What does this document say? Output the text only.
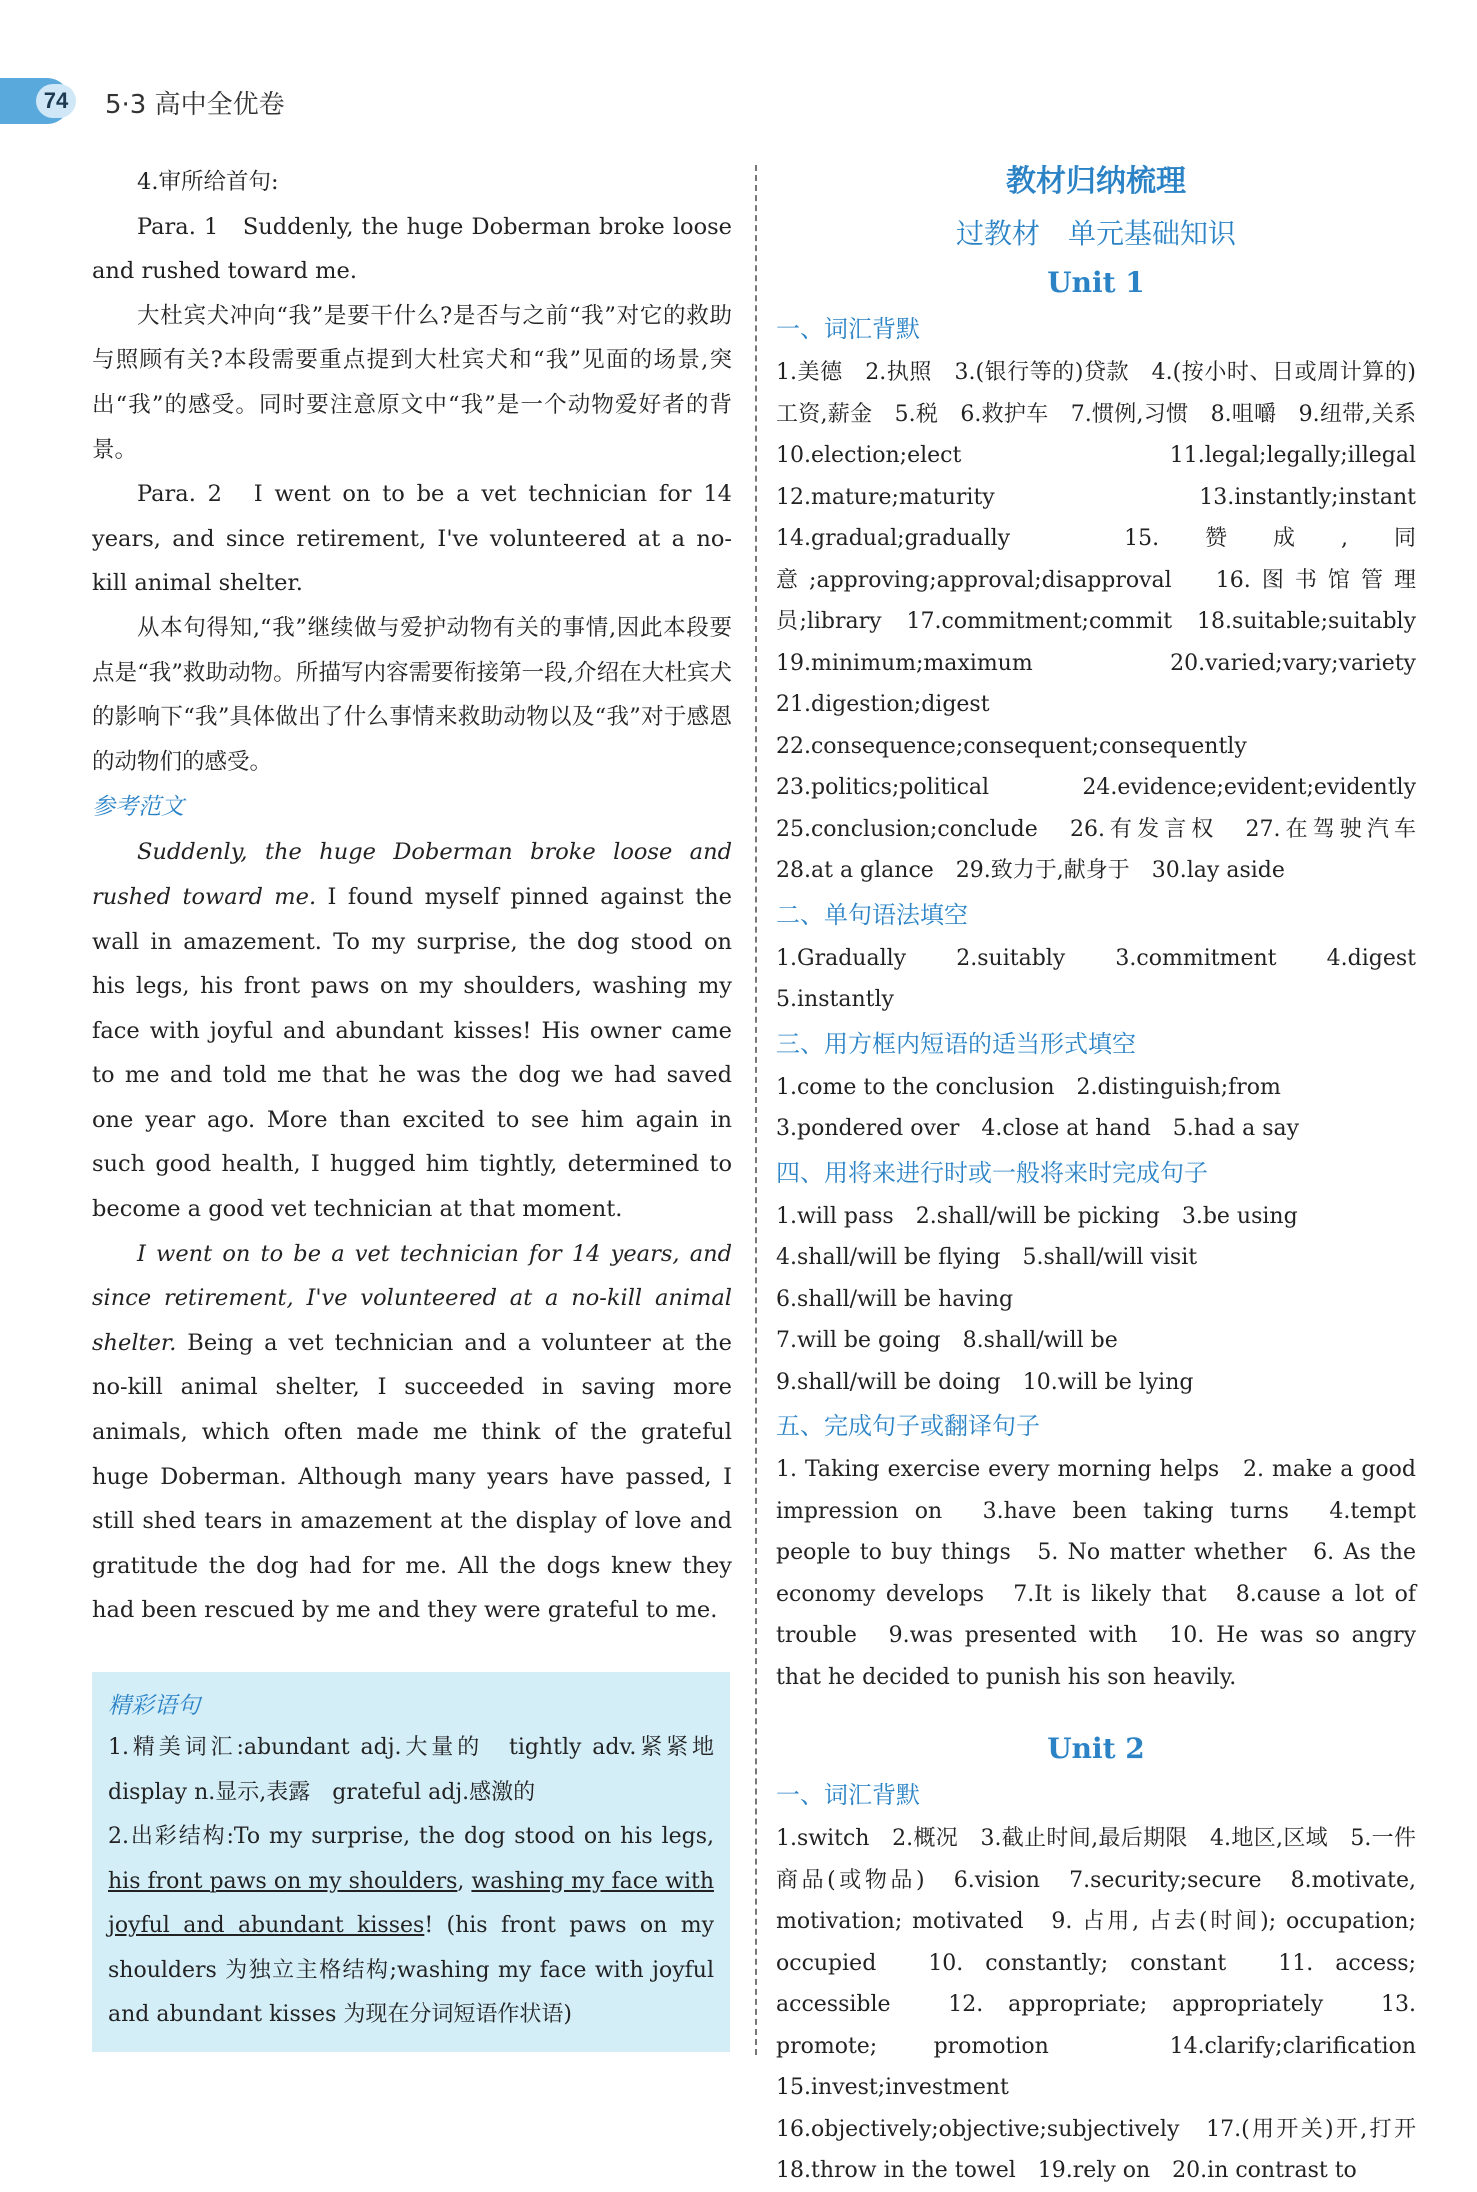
74 5·3 高中全优卷

4.审所给首句:

Para. 1　Suddenly, the huge Doberman broke loose and rushed toward me.

大杜宾犬冲向“我”是要干什么?是否与之前“我”对它的救助与照顾有关?本段需要重点提到大杜宾犬和“我”见面的场景,突出“我”的感受。同时要注意原文中“我”是一个动物爱好者的背景。

Para. 2　I went on to be a vet technician for 14 years, and since retirement, I've volunteered at a no-kill animal shelter.

从本句得知,“我”继续做与爱护动物有关的事情,因此本段要点是“我”救助动物。所描写内容需要衔接第一段,介绍在大杜宾犬的影响下“我”具体做出了什么事情来救助动物以及“我”对于感恩的动物们的感受。

参考范文

Suddenly, the huge Doberman broke loose and rushed toward me. I found myself pinned against the wall in amazement. To my surprise, the dog stood on his legs, his front paws on my shoulders, washing my face with joyful and abundant kisses! His owner came to me and told me that he was the dog we had saved one year ago. More than excited to see him again in such good health, I hugged him tightly, determined to become a good vet technician at that moment.

I went on to be a vet technician for 14 years, and since retirement, I've volunteered at a no-kill animal shelter. Being a vet technician and a volunteer at the no-kill animal shelter, I succeeded in saving more animals, which often made me think of the grateful huge Doberman. Although many years have passed, I still shed tears in amazement at the display of love and gratitude the dog had for me. All the dogs knew they had been rescued by me and they were grateful to me.

精彩语句

1.精美词汇:abundant adj.大量的　tightly adv.紧紧地　display n.显示,表露　grateful adj.感激的

2.出彩结构:To my surprise, the dog stood on his legs, his front paws on my shoulders, washing my face with joyful and abundant kisses! (his front paws on my shoulders 为独立主格结构;washing my face with joyful and abundant kisses 为现在分词短语作状语)

教材归纳梳理
过教材　单元基础知识
Unit 1
一、词汇背默

1.美德　2.执照　3.(银行等的)贷款　4.(按小时、日或周计算的)工资,薪金　5.税　6.救护车　7.惯例,习惯　8.咀嚼　9.纽带,关系　10.election;elect　11.legal;legally;illegal　12.mature;maturity　13.instantly;instant　14.gradual;gradually　15.赞成,同意;approving;approval;disapproval　16.图书馆管理员;library　17.commitment;commit　18.suitable;suitably　19.minimum;maximum　20.varied;vary;variety　21.digestion;digest　22.consequence;consequent;consequently　23.politics;political　24.evidence;evident;evidently　25.conclusion;conclude　26.有发言权　27.在驾驶汽车　28.at a glance　29.致力于,献身于　30.lay aside

二、单句语法填空

1.Gradually　2.suitably　3.commitment　4.digest　5.instantly

三、用方框内短语的适当形式填空

1.come to the conclusion　2.distinguish;from

3.pondered over　4.close at hand　5.had a say

四、用将来进行时或一般将来时完成句子

1.will pass　2.shall/will be picking　3.be using

4.shall/will be flying　5.shall/will visit

6.shall/will be having

7.will be going　8.shall/will be

9.shall/will be doing　10.will be lying

五、完成句子或翻译句子

1. Taking exercise every morning helps　2. make a good impression on　3.have been taking turns　4.tempt people to buy things　5. No matter whether　6. As the economy develops　7.It is likely that　8.cause a lot of trouble　9.was presented with　10. He was so angry that he decided to punish his son heavily.

Unit 2
一、词汇背默

1.switch　2.概况　3.截止时间,最后期限　4.地区,区域　5.一件商品(或物品)　6.vision　7.security;secure　8.motivate, motivation; motivated　9. 占用, 占去(时间); occupation; occupied　10. constantly; constant　11. access; accessible　12. appropriate; appropriately　13. promote; promotion　14.clarify;clarification　15.invest;investment　16.objectively;objective;subjectively　17.(用开关)开,打开　18.throw in the towel　19.rely on　20.in contrast to
